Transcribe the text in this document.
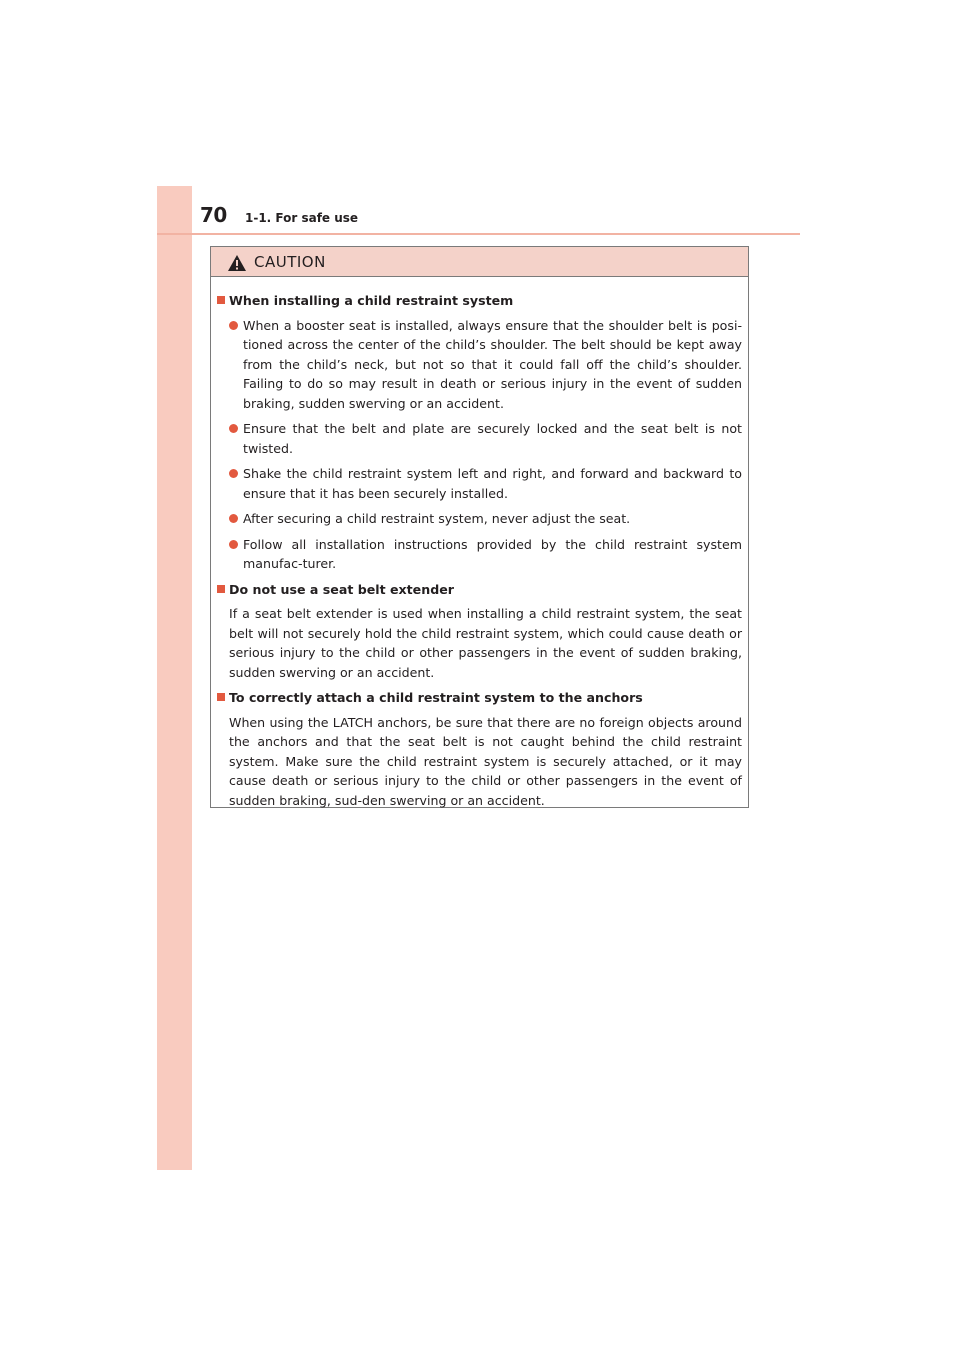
70 1-1. For safe use
CAUTION
When installing a child restraint system
When a booster seat is installed, always ensure that the shoulder belt is posi-tioned across the center of the child’s shoulder. The belt should be kept away from the child’s neck, but not so that it could fall off the child’s shoulder. Failing to do so may result in death or serious injury in the event of sudden braking, sudden swerving or an accident.
Ensure that the belt and plate are securely locked and the seat belt is not twisted.
Shake the child restraint system left and right, and forward and backward to ensure that it has been securely installed.
After securing a child restraint system, never adjust the seat.
Follow all installation instructions provided by the child restraint system manufac-turer.
Do not use a seat belt extender
If a seat belt extender is used when installing a child restraint system, the seat belt will not securely hold the child restraint system, which could cause death or serious injury to the child or other passengers in the event of sudden braking, sudden swerving or an accident.
To correctly attach a child restraint system to the anchors
When using the LATCH anchors, be sure that there are no foreign objects around the anchors and that the seat belt is not caught behind the child restraint system. Make sure the child restraint system is securely attached, or it may cause death or serious injury to the child or other passengers in the event of sudden braking, sud-den swerving or an accident.
